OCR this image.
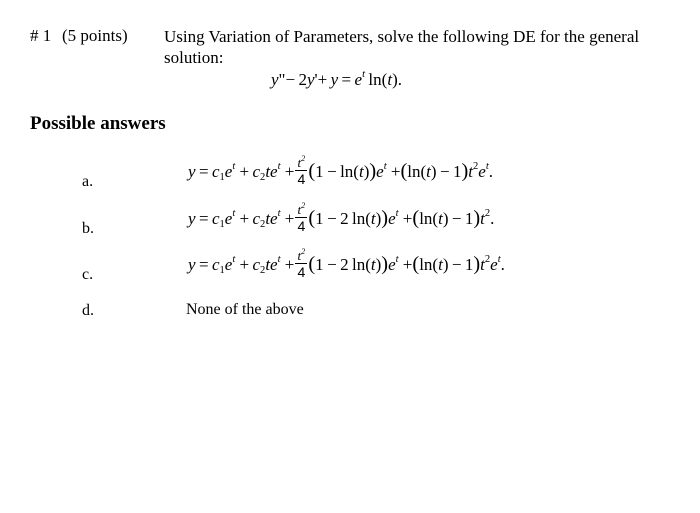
# 1 (5 points) Using Variation of Parameters, solve the following DE for the general solution:
y"− $2y'+ y = e^t$ ln(t).
Possible answers
a.
b.
c.
d.
$y = c_1e^t + c_2te^t + \frac{t^2}{4} (1 - \ln(t))e^t +(\ln(t) - 1)t^2e^t$.
$y = c_1e^t + c_2te^t + \frac{t^2}{4} (1 - 2$ $\ln(t))e^t +(\ln(t) - 1)t^2$.
$y = c_1e^t + c_2te^t + \frac{t^2}{4} (1 - 2$ $\ln(t))e^t +(\ln(t) - 1)t^2e^t$.
None of the above
